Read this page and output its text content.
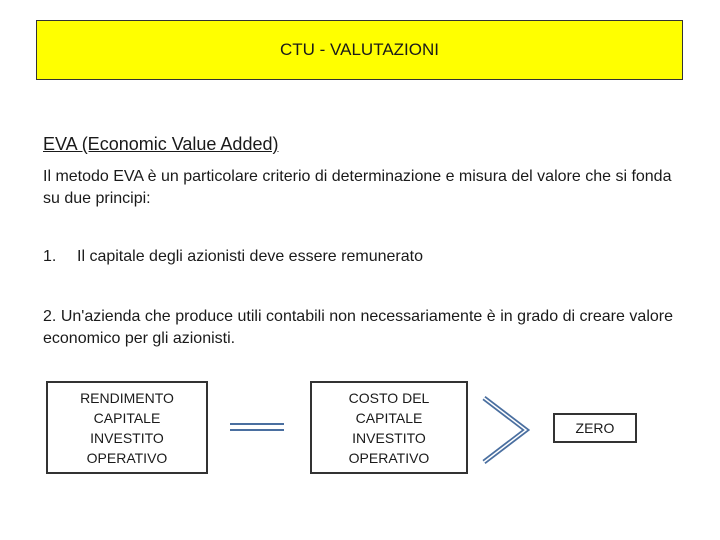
CTU - VALUTAZIONI
EVA (Economic Value Added)
Il metodo EVA è un particolare criterio di determinazione e misura del valore che si fonda su due principi:
1. Il capitale degli azionisti deve essere remunerato
2. Un'azienda che produce utili contabili non necessariamente è in grado di creare valore economico per gli azionisti.
RENDIMENTO
CAPITALE
INVESTITO
OPERATIVO
COSTO DEL
CAPITALE
INVESTITO
OPERATIVO
ZERO
